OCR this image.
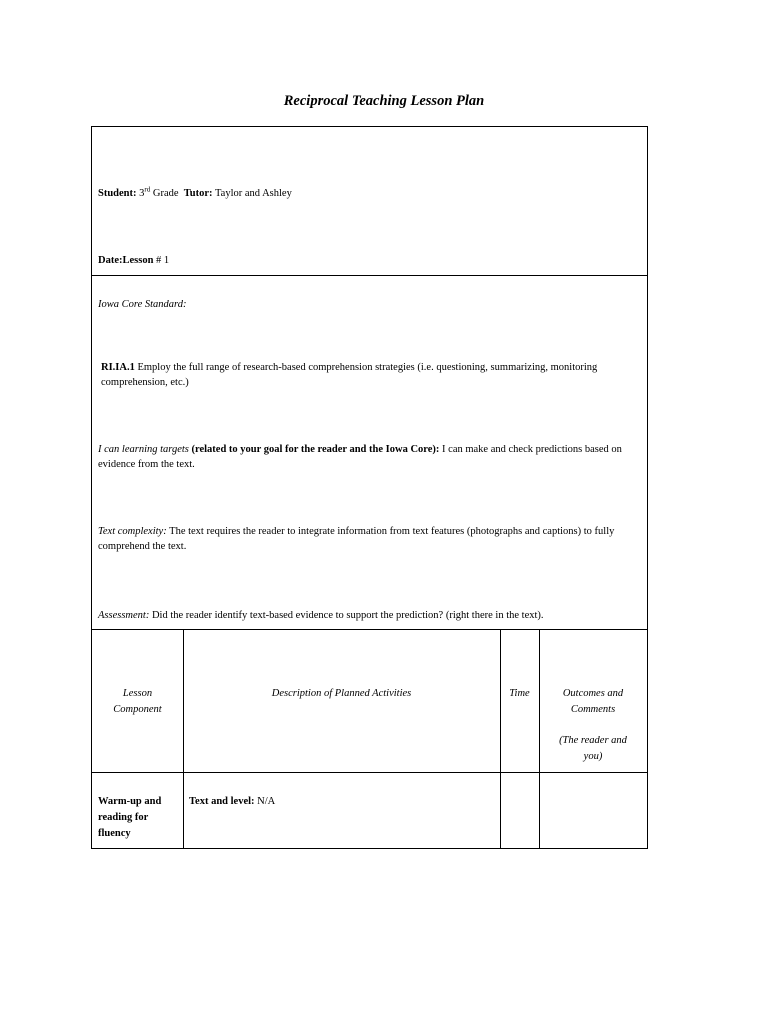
Reciprocal Teaching Lesson Plan
Student: 3rd Grade Tutor: Taylor and Ashley
Date:Lesson # 1
Iowa Core Standard:
RI.IA.1 Employ the full range of research-based comprehension strategies (i.e. questioning, summarizing, monitoring comprehension, etc.)
I can learning targets (related to your goal for the reader and the Iowa Core): I can make and check predictions based on evidence from the text.
Text complexity: The text requires the reader to integrate information from text features (photographs and captions) to fully comprehend the text.
Assessment: Did the reader identify text-based evidence to support the prediction? (right there in the text).
Lesson
Component
Description of Planned Activities	Time	Outcomes and
Comments
(The reader and
you)
Warm-up and
reading for
fluency
Text and level: N/A
